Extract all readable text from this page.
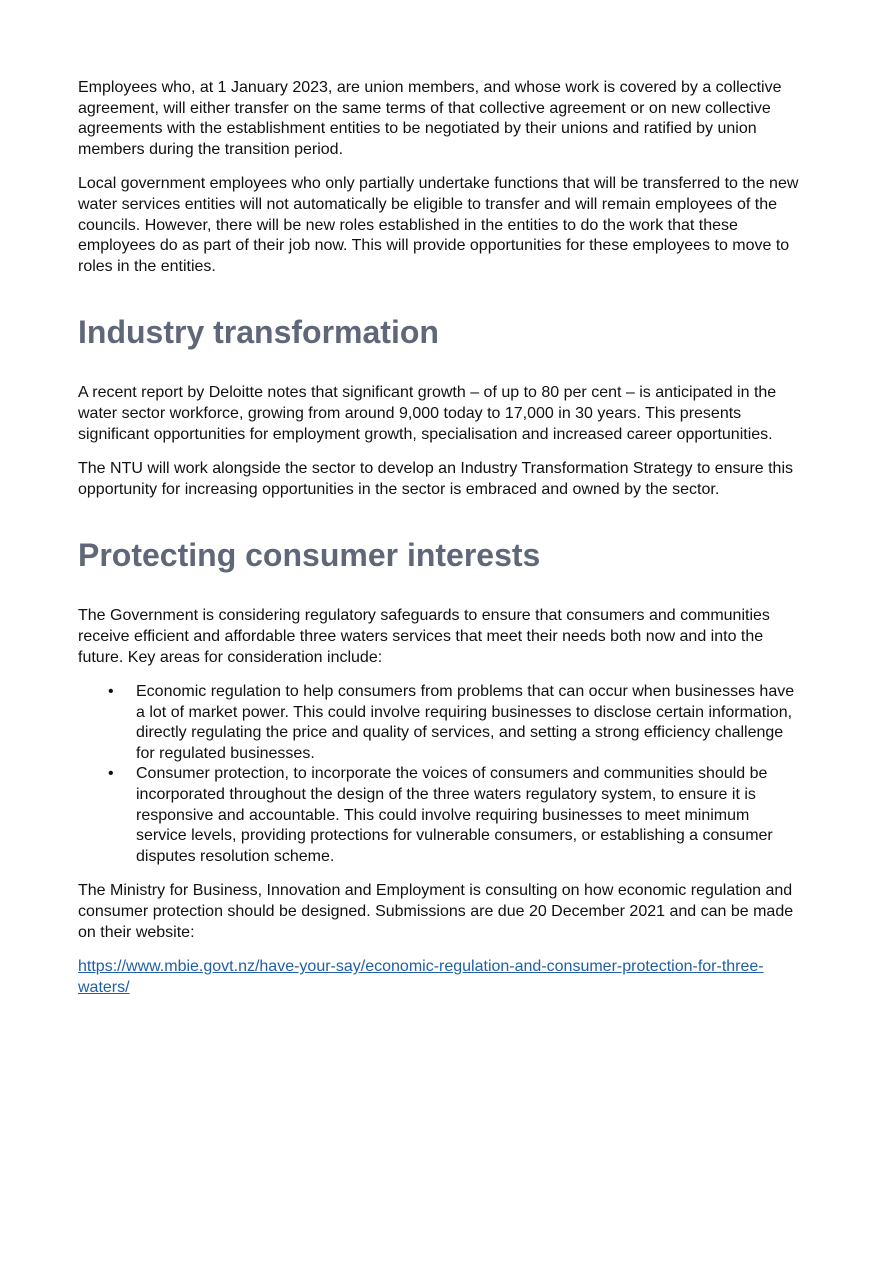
Employees who, at 1 January 2023, are union members, and whose work is covered by a collective agreement, will either transfer on the same terms of that collective agreement or on new collective agreements with the establishment entities to be negotiated by their unions and ratified by union members during the transition period.

Local government employees who only partially undertake functions that will be transferred to the new water services entities will not automatically be eligible to transfer and will remain employees of the councils. However, there will be new roles established in the entities to do the work that these employees do as part of their job now. This will provide opportunities for these employees to move to roles in the entities.

Industry transformation

A recent report by Deloitte notes that significant growth – of up to 80 per cent – is anticipated in the water sector workforce, growing from around 9,000 today to 17,000 in 30 years. This presents significant opportunities for employment growth, specialisation and increased career opportunities.

The NTU will work alongside the sector to develop an Industry Transformation Strategy to ensure this opportunity for increasing opportunities in the sector is embraced and owned by the sector.

Protecting consumer interests

The Government is considering regulatory safeguards to ensure that consumers and communities receive efficient and affordable three waters services that meet their needs both now and into the future. Key areas for consideration include:

• Economic regulation to help consumers from problems that can occur when businesses have a lot of market power. This could involve requiring businesses to disclose certain information, directly regulating the price and quality of services, and setting a strong efficiency challenge for regulated businesses.
• Consumer protection, to incorporate the voices of consumers and communities should be incorporated throughout the design of the three waters regulatory system, to ensure it is responsive and accountable. This could involve requiring businesses to meet minimum service levels, providing protections for vulnerable consumers, or establishing a consumer disputes resolution scheme.

The Ministry for Business, Innovation and Employment is consulting on how economic regulation and consumer protection should be designed. Submissions are due 20 December 2021 and can be made on their website:

https://www.mbie.govt.nz/have-your-say/economic-regulation-and-consumer-protection-for-three-waters/
